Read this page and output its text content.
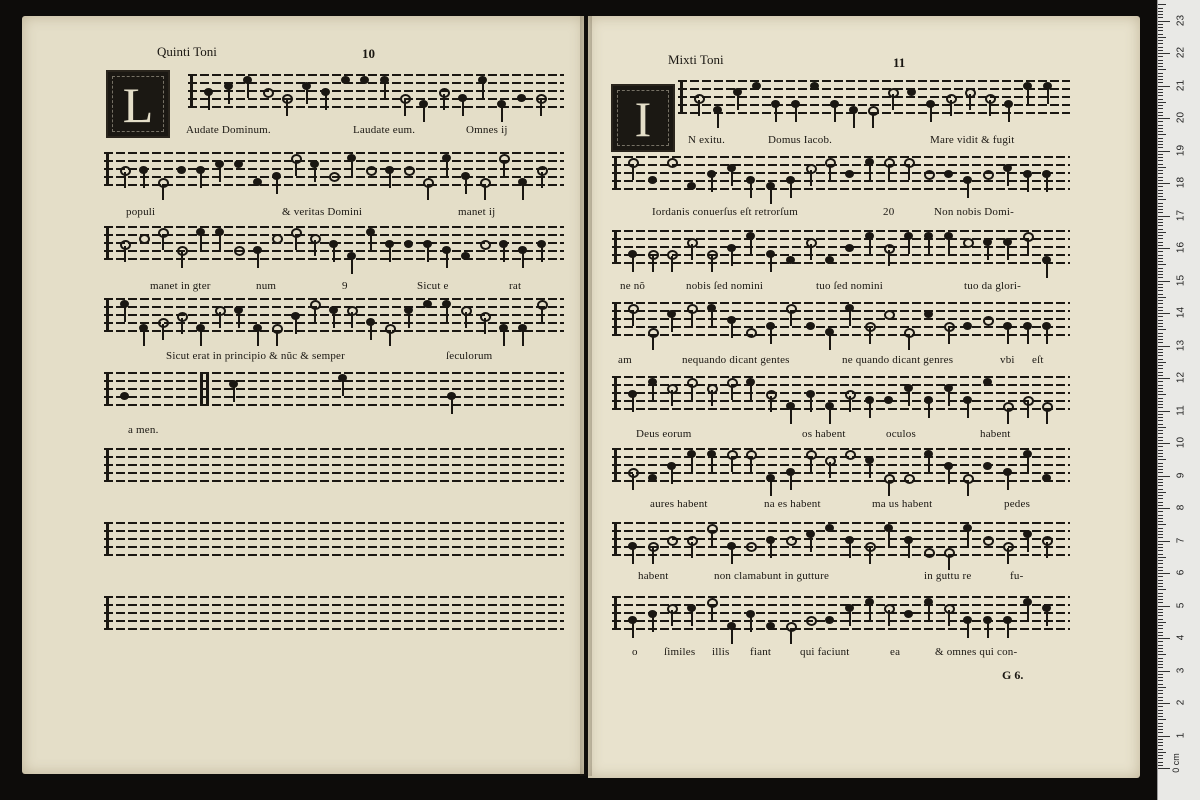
Quinti Toni	10
L
Mixti Toni	11
I
Audate Dominum.	Laudate eum.	Omnes ij
populi	& veritas Domini	manet ij
manet in gter	num	9	Sicut e	rat
Sicut erat in principio & nũc & semper	ſeculorum
a men.
N exitu.	Domus Iacob.	Mare vidit & fugit
Iordanis conuerſus eſt retrorſum	20	Non nobis Domi-
ne nõ	nobis ſed nomini	tuo ſed nomini	tuo da glori-
am	nequando dicant gentes	ne quando dicant genres	vbi eſt
Deus eorum	os habent	oculos	habent
aures habent	na es habent	ma us habent	pedes
habent	non clamabunt in gutture	in guttu re	fu-
o ſimiles illis fiant	qui faciunt	ea	& omnes qui con-
G 6.
1
2
3
4
5
6
7
8
9
10
11
12
13
14
15
16
17
18
19
20
21
22
23
0 cm
